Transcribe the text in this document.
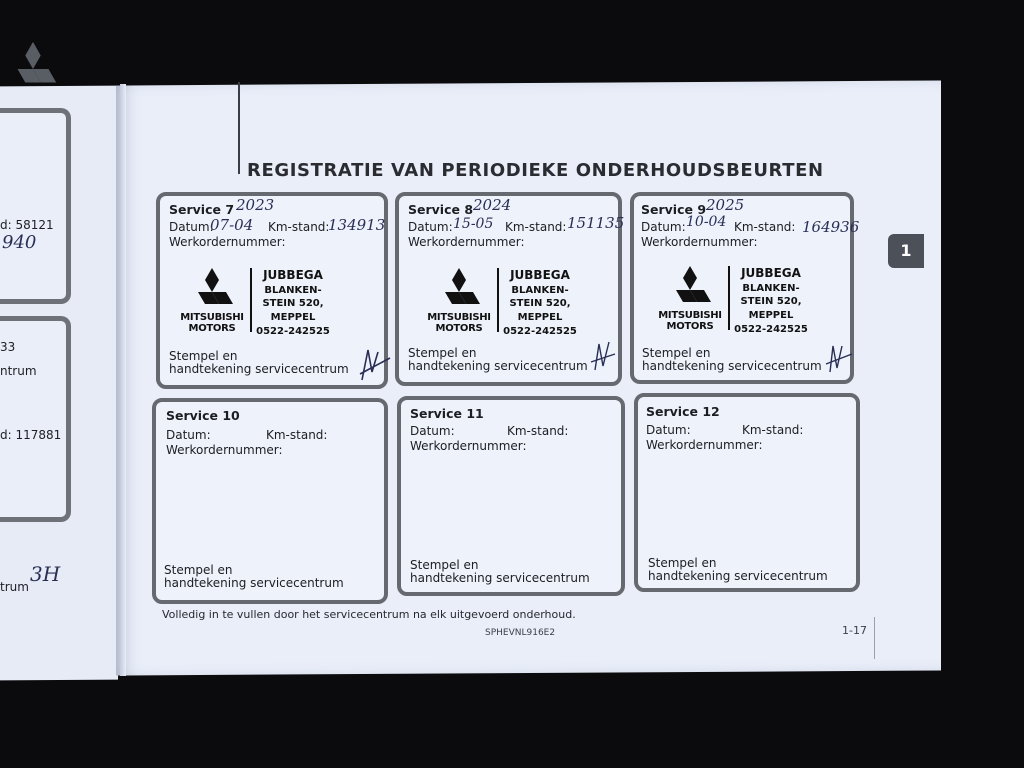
d: 58121
940
33
ntrum
d: 117881
trum
3H
REGISTRATIE VAN PERIODIEKE ONDERHOUDSBEURTEN
1
Service 7 2023
Datum:
07-04 Km-stand:
134913
Werkordernummer:
MITSUBISHI
MOTORS
JUBBEGA
BLANKEN-
STEIN 520,
MEPPEL
0522-242525
Stempel en
handtekening servicecentrum
Service 8 2024
Datum: 15-05 Km-stand: 151135
Werkordernummer:
MITSUBISHI
MOTORS
JUBBEGA
BLANKEN-
STEIN 520,
MEPPEL
0522-242525
Stempel en
handtekening servicecentrum
Service 9 2025
Datum: 10-04 Km-stand: 164936
Werkordernummer:
MITSUBISHI
MOTORS
JUBBEGA
BLANKEN-
STEIN 520,
MEPPEL
0522-242525
Stempel en
handtekening servicecentrum
Service 10
Datum:	Km-stand:
Werkordernummer:
Stempel en
handtekening servicecentrum
Service 11
Datum:	Km-stand:
Werkordernummer:
Stempel en
handtekening servicecentrum
Service 12
Datum:	Km-stand:
Werkordernummer:
Stempel en
handtekening servicecentrum
Volledig in te vullen door het servicecentrum na elk uitgevoerd onderhoud.
SPHEVNL916E2	1-17
